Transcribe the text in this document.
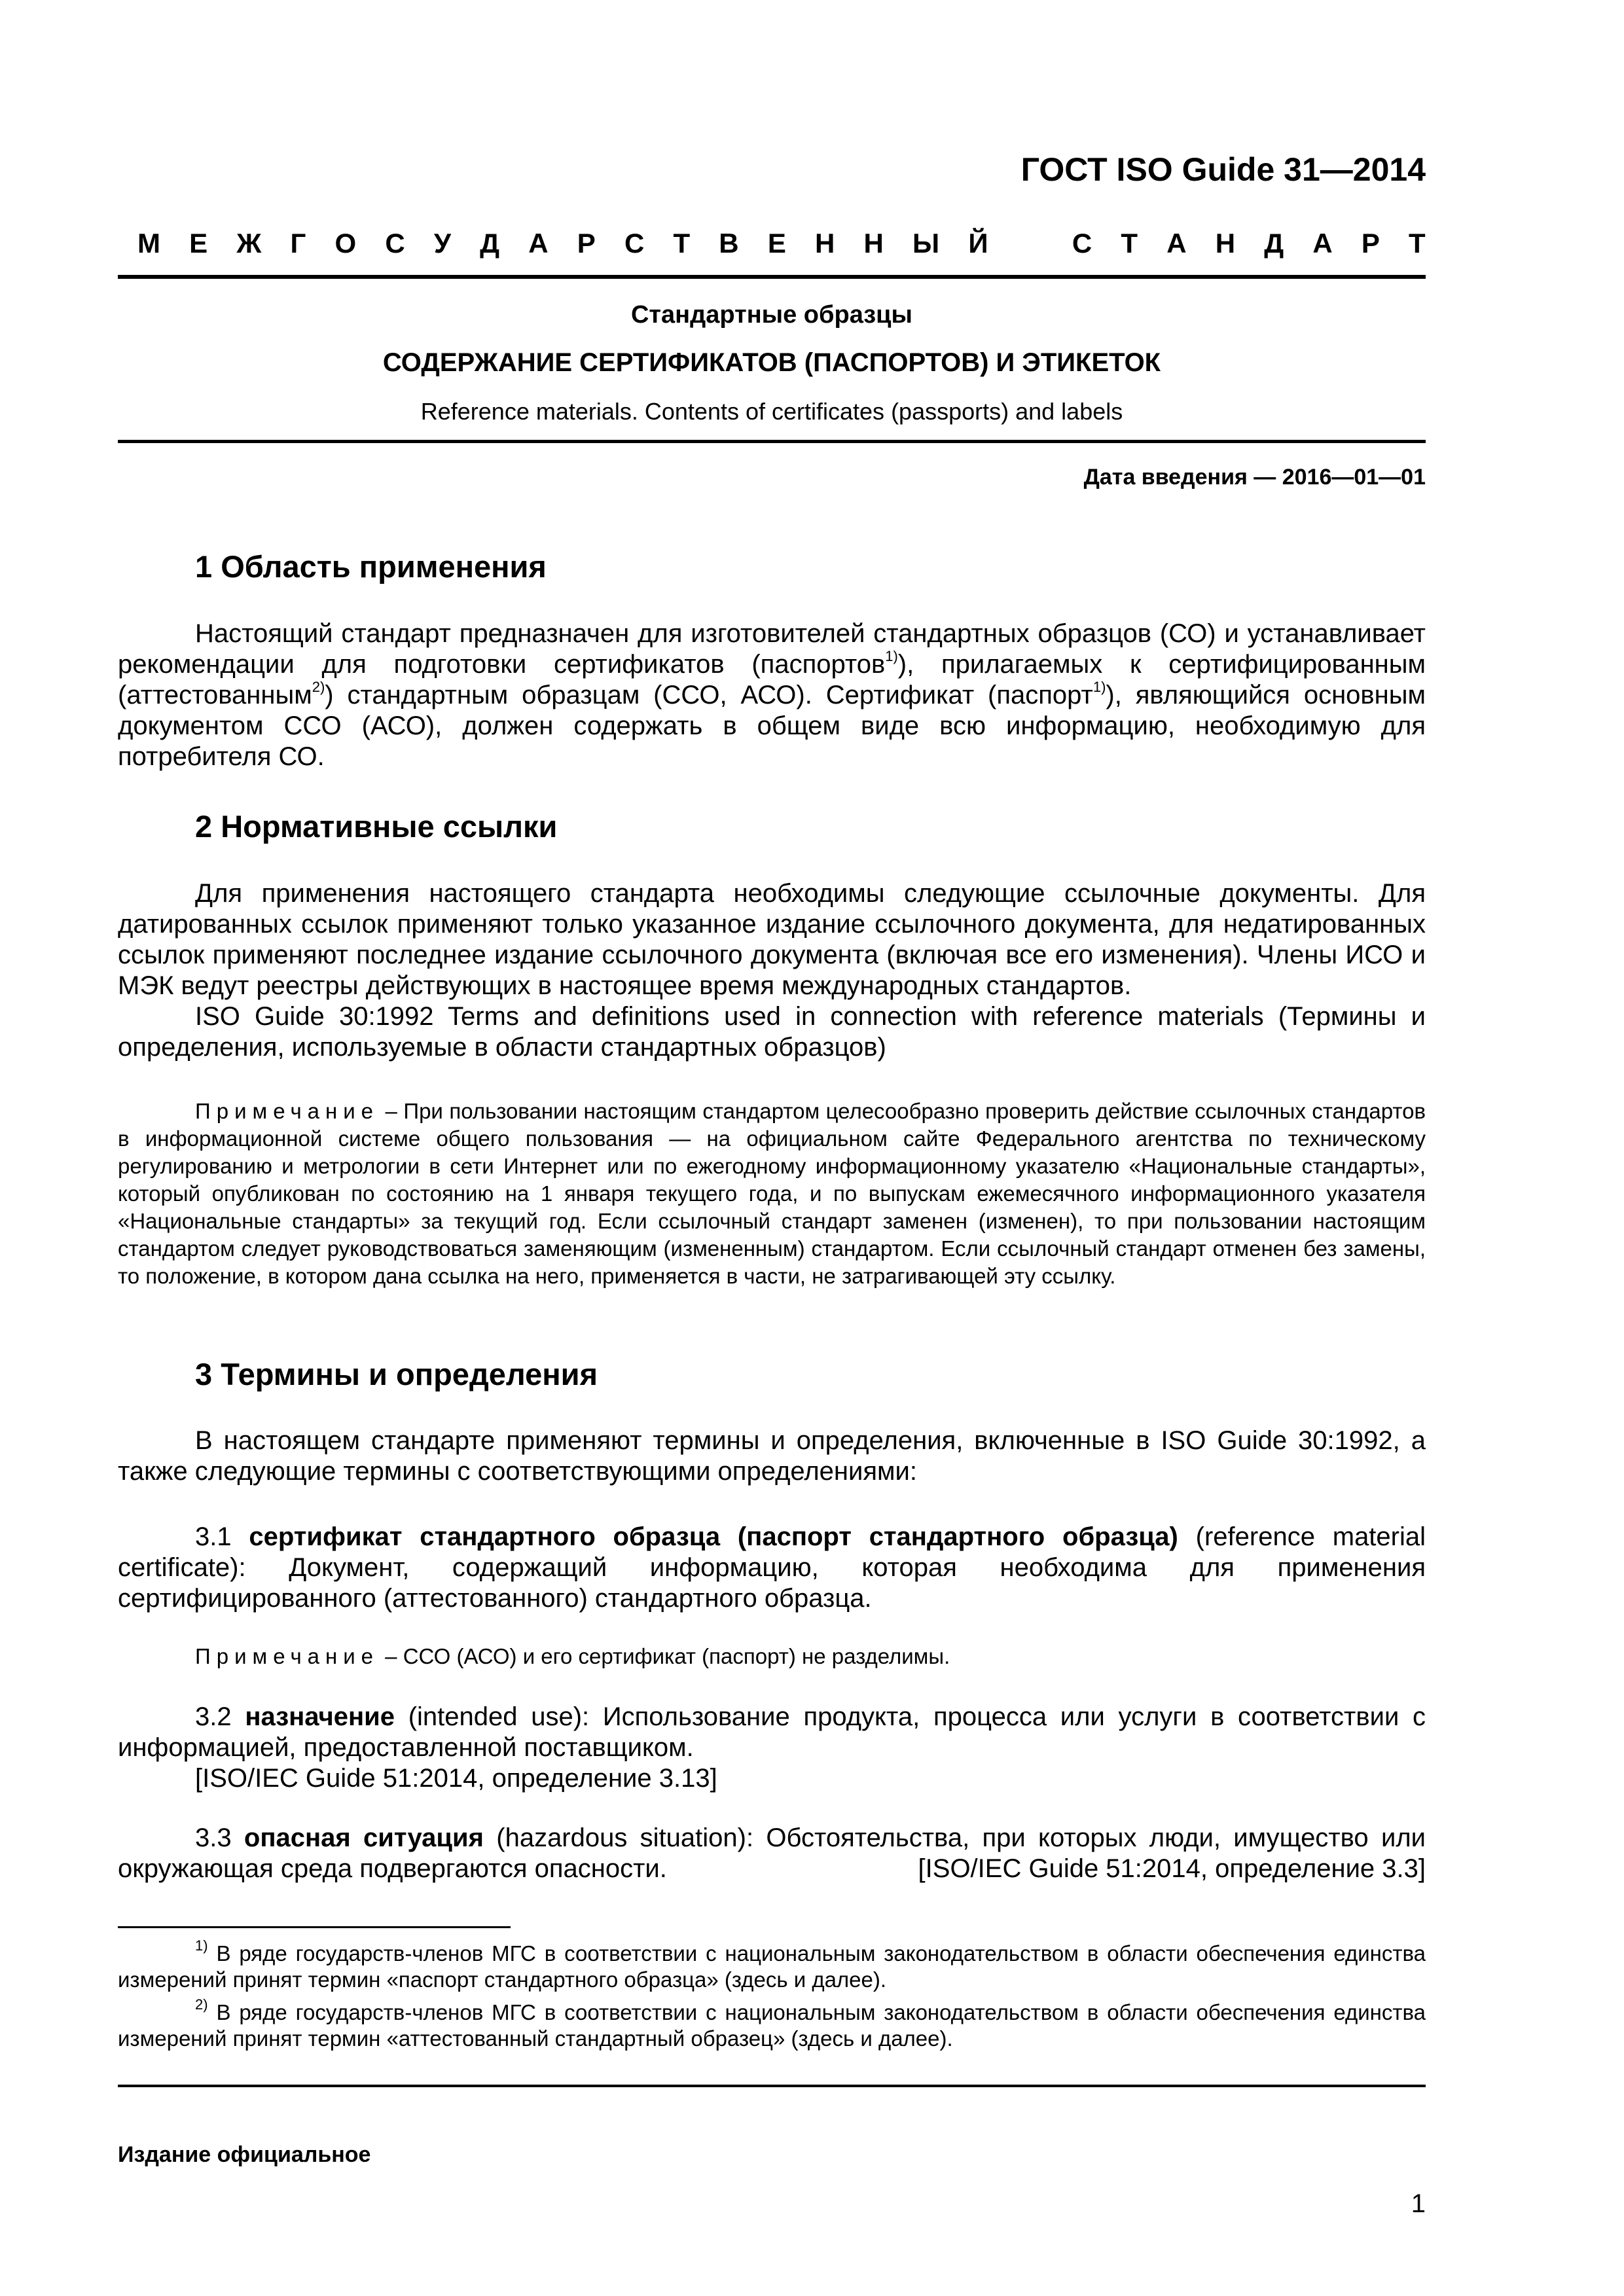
ГОСТ ISO Guide 31—2014
М Е Ж Г О С У Д А Р С Т В Е Н Н Ы Й
	С Т А Н Д А Р Т
Стандартные образцы
СОДЕРЖАНИЕ СЕРТИФИКАТОВ (ПАСПОРТОВ) И ЭТИКЕТОК
Reference materials. Contents of certificates (passports) and labels
Дата введения — 2016—01—01
1 Область применения

Настоящий стандарт предназначен для изготовителей стандартных образцов (СО) и устанавливает рекомендации для подготовки сертификатов (паспортов$^{1)}$), прилагаемых к сертифицированным (аттестованным$^{2)}$) стандартным образцам (ССО, АСО). Сертификат (паспорт$^{1)}$), являющийся основным документом ССО (АСО), должен содержать в общем виде всю информацию, необходимую для потребителя СО.

2 Нормативные ссылки

Для применения настоящего стандарта необходимы следующие ссылочные документы. Для датированных ссылок применяют только указанное издание ссылочного документа, для недатированных ссылок применяют последнее издание ссылочного документа (включая все его изменения). Члены ИСО и МЭК ведут реестры действующих в настоящее время международных стандартов.

ISO Guide 30:1992 Terms and definitions used in connection with reference materials (Термины и определения, используемые в области стандартных образцов)

Примечание – При пользовании настоящим стандартом целесообразно проверить действие ссылочных стандартов в информационной системе общего пользования — на официальном сайте Федерального агентства по техническому регулированию и метрологии в сети Интернет или по ежегодному информационному указателю «Национальные стандарты», который опубликован по состоянию на 1 января текущего года, и по выпускам ежемесячного информационного указателя «Национальные стандарты» за текущий год. Если ссылочный стандарт заменен (изменен), то при пользовании настоящим стандартом следует руководствоваться заменяющим (измененным) стандартом. Если ссылочный стандарт отменен без замены, то положение, в котором дана ссылка на него, применяется в части, не затрагивающей эту ссылку.

3 Термины и определения

В настоящем стандарте применяют термины и определения, включенные в ISO Guide 30:1992, а также следующие термины с соответствующими определениями:

3.1 сертификат стандартного образца (паспорт стандартного образца) (reference material certificate): Документ, содержащий информацию, которая необходима для применения сертифицированного (аттестованного) стандартного образца.

Примечание – ССО (АСО) и его сертификат (паспорт) не разделимы.

3.2 назначение (intended use): Использование продукта, процесса или услуги в соответствии с информацией, предоставленной поставщиком.

[ISO/IEC Guide 51:2014, определение 3.13]

3.3 опасная ситуация (hazardous situation): Обстоятельства, при которых люди, имущество или окружающая среда подвергаются опасности.	[ISO/IEC Guide 51:2014, определение 3.3]

$^{1)}$ В ряде государств-членов МГС в соответствии с национальным законодательством в области обеспечения единства измерений принят термин «паспорт стандартного образца» (здесь и далее).

$^{2)}$ В ряде государств-членов МГС в соответствии с национальным законодательством в области обеспечения единства измерений принят термин «аттестованный стандартный образец» (здесь и далее).

Издание официальное
1
